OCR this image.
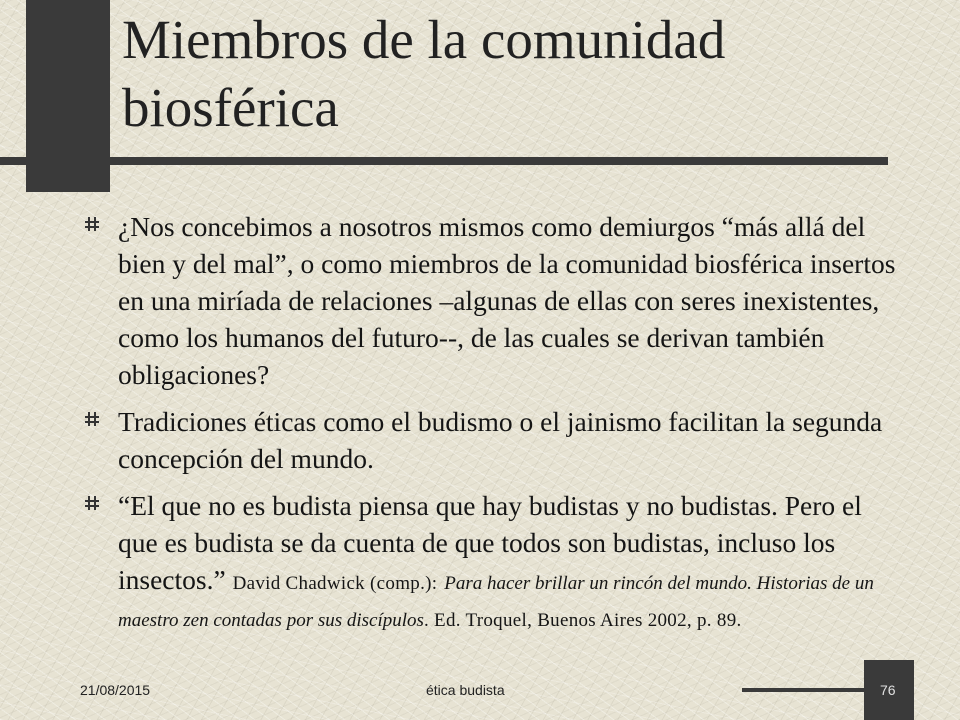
Miembros de la comunidad
biosférica
¿Nos concebimos a nosotros mismos como demiurgos “más allá del bien y del mal”, o como miembros de la comunidad biosférica insertos en una miríada de relaciones –algunas de ellas con seres inexistentes, como los humanos del futuro--, de las cuales se derivan también obligaciones?
Tradiciones éticas como el budismo o el jainismo facilitan la segunda concepción del mundo.
“El que no es budista piensa que hay budistas y no budistas. Pero el que es budista se da cuenta de que todos son budistas, incluso los insectos.” David Chadwick (comp.): Para hacer brillar un rincón del mundo. Historias de un maestro zen contadas por sus discípulos. Ed. Troquel, Buenos Aires 2002, p. 89.
21/08/2015	ética budista	76
